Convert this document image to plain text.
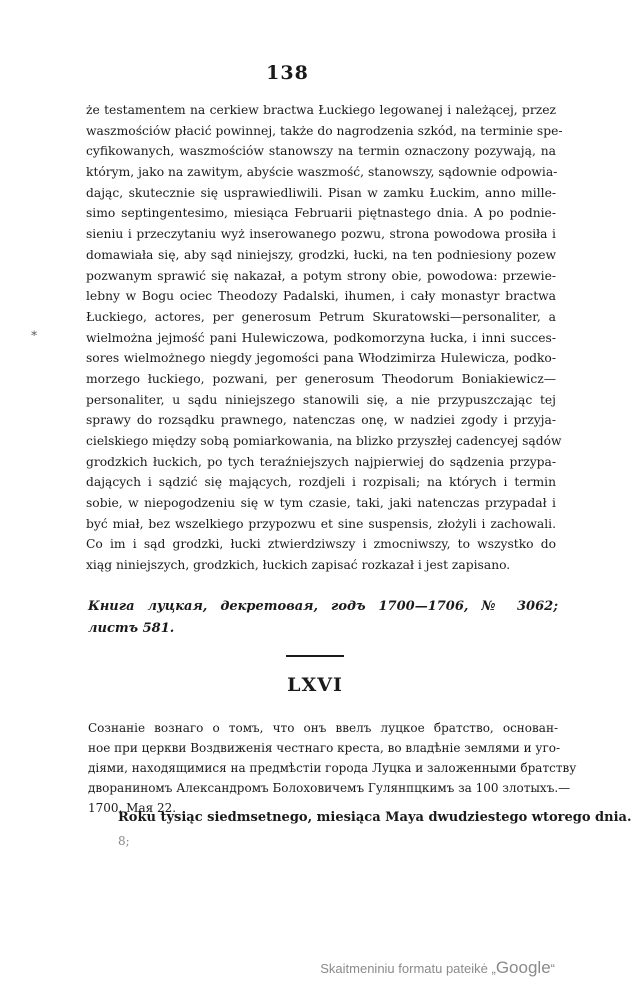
138
∗
że testamentem na cerkiew bractwa Łuckiego legowanej i należącej, przez
waszmościów płacić powinnej, także do nagrodzenia szkód, na terminie spe-
cyfikowanych, waszmościów stanowszy na termin oznaczony pozywają, na
którym, jako na zawitym, abyście waszmość, stanowszy, sądownie odpowia-
dając, skutecznie się usprawiedliwili. Pisan w zamku Łuckim, anno mille-
simo septingentesimo, miesiąca Februarii piętnastego dnia. A po podnie-
sieniu i przeczytaniu wyż inserowanego pozwu, strona powodowa prosiła i
domawiała się, aby sąd niniejszy, grodzki, łucki, na ten podniesiony pozew
pozwanym sprawić się nakazał, a potym strony obie, powodowa: przewie-
lebny w Bogu ociec Theodozy Padalski, ihumen, i cały monastyr bractwa
Łuckiego, actores, per generosum Petrum Skuratowski—personaliter, a
wielmożna jejmość pani Hulewiczowa, podkomorzyna łucka, i inni succes-
sores wielmożnego niegdy jegomości pana Włodzimirza Hulewicza, podko-
morzego łuckiego, pozwani, per generosum Theodorum Boniakiewicz—
personaliter, u sądu niniejszego stanowili się, a nie przypuszczając tej
sprawy do rozsądku prawnego, natenczas onę, w nadziei zgody i przyja-
cielskiego między sobą pomiarkowania, na blizko przyszłej cadencyej sądów
grodzkich łuckich, po tych teraźniejszych najpierwiej do sądzenia przypa-
dających i sądzić się mających, rozdjeli i rozpisali; na których i termin
sobie, w niepogodzeniu się w tym czasie, taki, jaki natenczas przypadał i
być miał, bez wszelkiego przypozwu et sine suspensis, złożyli i zachowali.
Co im i sąd grodzki, łucki ztwierdziwszy i zmocniwszy, to wszystko do
xiąg niniejszych, grodzkich, łuckich zapisać rozkazał i jest zapisano.
Книга луцкая, декретовая, годъ 1700—1706, № 3062;
листъ 581.
LXVI
Сознаніе вознаго о томъ, что онъ ввелъ луцкое братство, основан-
ное при церкви Воздвиженія честнаго креста, во владѣніе землями и уго-
діями, находящимися на предмѣстіи города Луцка и заложенными братству
двораниномъ Александромъ Болоховичемъ Гулянпцкимъ за 100 злотыхъ.—
1700, Мая 22.
Roku tysiąc siedmsetnego, miesiąca Maya dwudziestego wtorego dnia.
8;
Skaitmeniniu formatu pateikė „Google“
